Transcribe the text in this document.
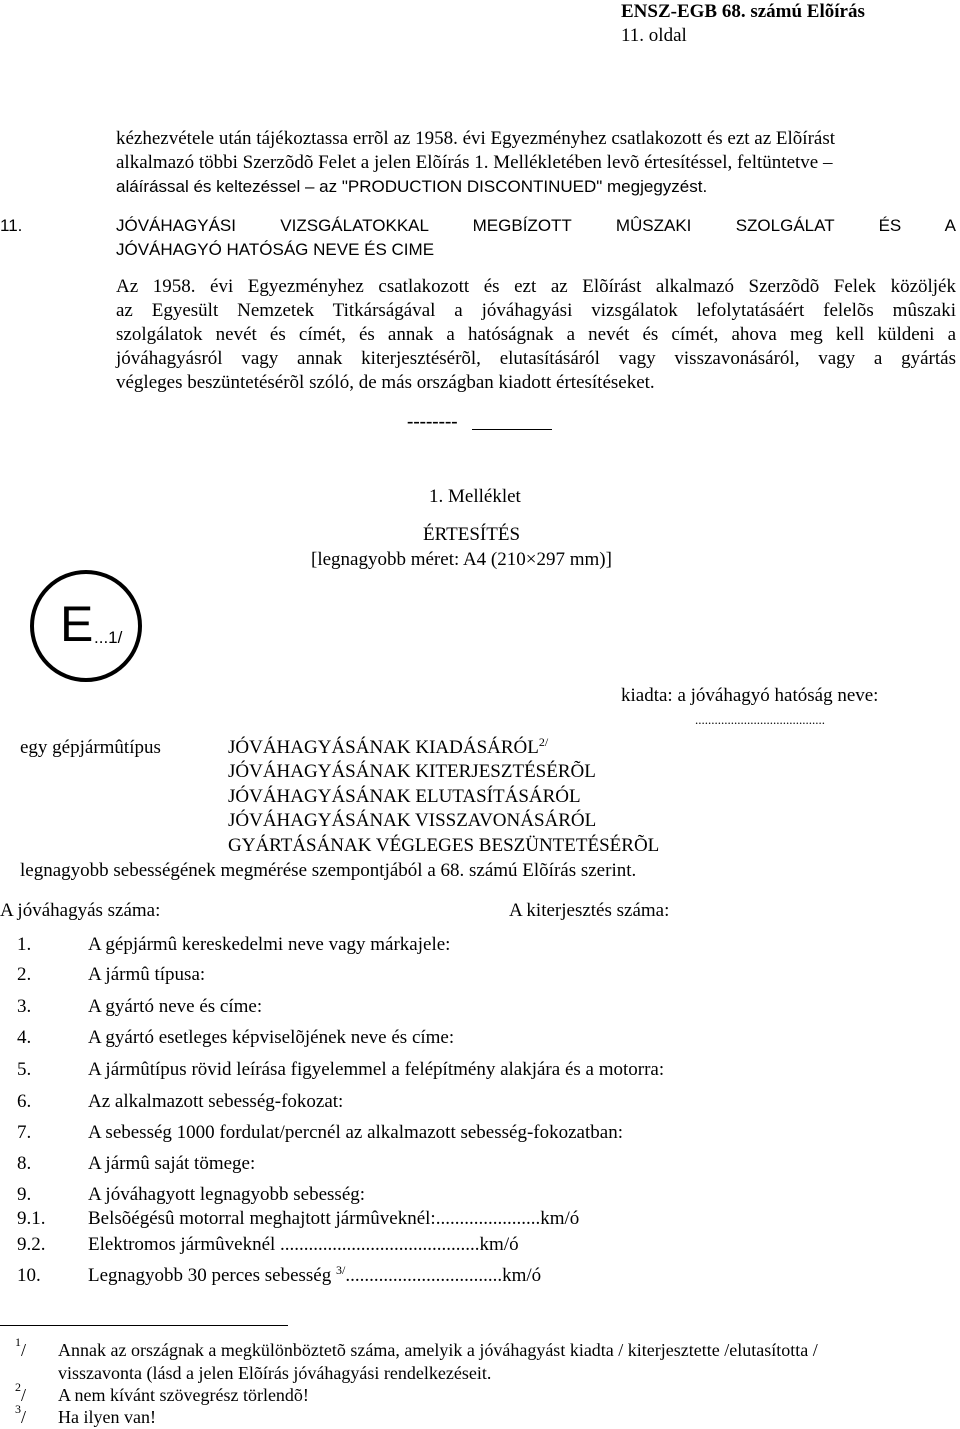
ENSZ-EGB 68. számú Elõírás
11. oldal
kézhezvétele után tájékoztassa errõl az 1958. évi Egyezményhez csatlakozott és ezt az Elõírást
alkalmazó többi Szerzõdõ Felet a jelen Elõírás 1. Mellékletében levõ értesítéssel, feltüntetve –
aláírással és keltezéssel – az "PRODUCTION DISCONTINUED" megjegyzést.
11.	JÓVÁHAGYÁSI VIZSGÁLATOKKAL MEGBÍZOTT MÛSZAKI SZOLGÁLAT ÉS A
JÓVÁHAGYÓ HATÓSÁG NEVE ÉS CIME
Az 1958. évi Egyezményhez csatlakozott és ezt az Elõírást alkalmazó Szerzõdõ Felek közöljék
az Egyesült Nemzetek Titkárságával a jóváhagyási vizsgálatok lefolytatásáért felelõs mûszaki
szolgálatok nevét és címét, és annak a hatóságnak a nevét és címét, ahova meg kell küldeni a
jóváhagyásról vagy annak kiterjesztésérõl, elutasításáról vagy visszavonásáról, vagy a gyártás
végleges beszüntetésérõl szóló, de más országban kiadott értesítéseket.
--------
1. Melléklet
ÉRTESÍTÉS
[legnagyobb méret: A4 (210×297 mm)]
E ...1/
kiadta: a jóváhagyó hatóság neve:
........................................
egy gépjármûtípus	JÓVÁHAGYÁSÁNAK $KIADÁSÁRÓL^{2/}$
JÓVÁHAGYÁSÁNAK KITERJESZTÉSÉRÕL
JÓVÁHAGYÁSÁNAK ELUTASÍTÁSÁRÓL
JÓVÁHAGYÁSÁNAK VISSZAVONÁSÁRÓL
GYÁRTÁSÁNAK VÉGLEGES BESZÜNTETÉSÉRÕL
legnagyobb sebességének megmérése szempontjából a 68. számú Elõírás szerint.
A jóváhagyás száma:	A kiterjesztés száma:
1.	A gépjármû kereskedelmi neve vagy márkajele:
2.	A jármû típusa:
3.	A gyártó neve és címe:
4.	A gyártó esetleges képviselõjének neve és címe:
5.	A jármûtípus rövid leírása figyelemmel a felépítmény alakjára és a motorra:
6.	Az alkalmazott sebesség-fokozat:
7.	A sebesség 1000 fordulat/percnél az alkalmazott sebesség-fokozatban:
8.	A jármû saját tömege:
9.	A jóváhagyott legnagyobb sebesség:
9.1. Belsõégésû motorral meghajtott jármûveknél:......................km/ó
9.2. Elektromos jármûveknél ..........................................km/ó
10. Legnagyobb 30 perces sebesség $^{3/}$.................................km/ó
$^1$/ Annak az országnak a megkülönböztetõ száma, amelyik a jóváhagyást kiadta / kiterjesztette /elutasította /
visszavonta (lásd a jelen Elõírás jóváhagyási rendelkezéseit.
$^2$/ A nem kívánt szövegrész törlendõ!
$^3$/ Ha ilyen van!
